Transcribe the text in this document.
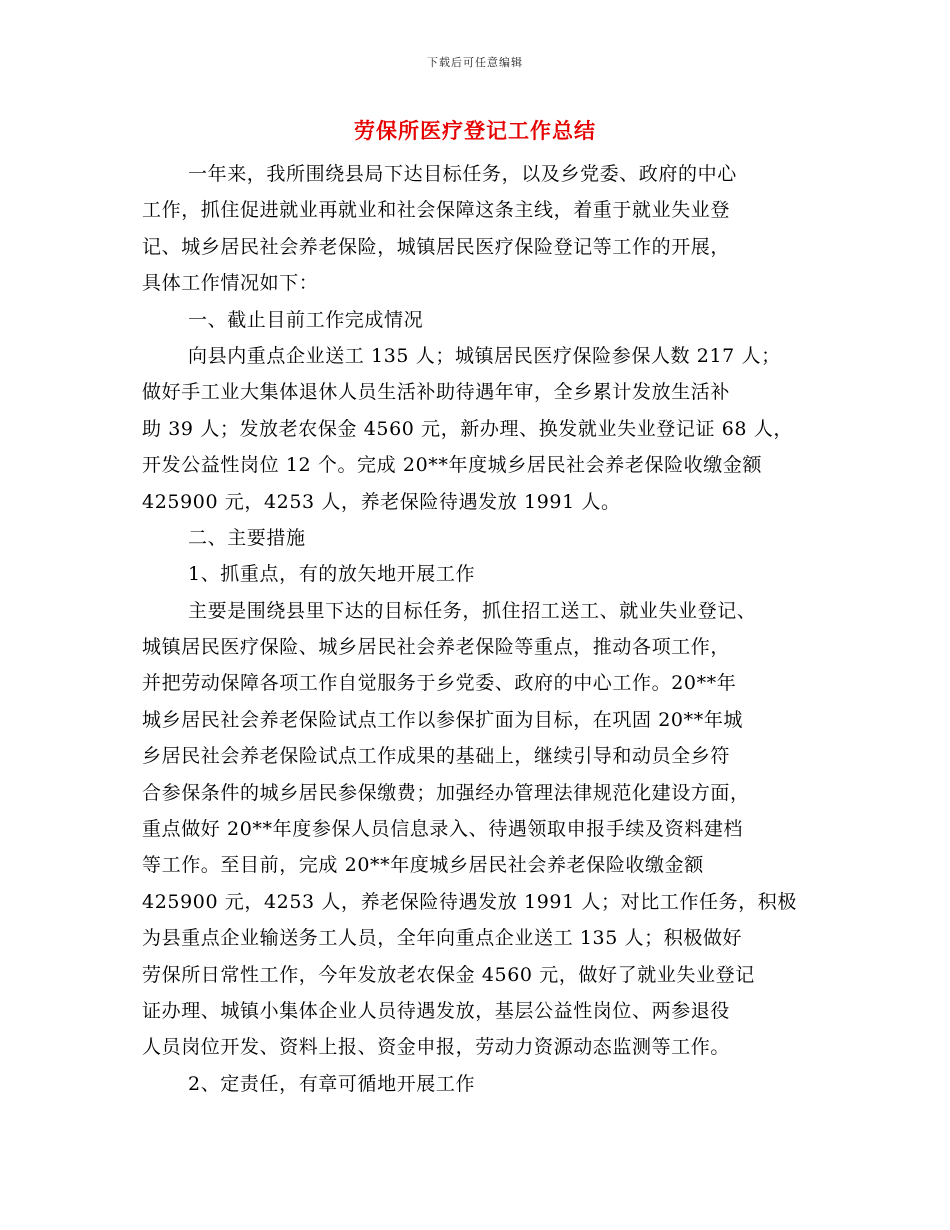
下载后可任意编辑
劳保所医疗登记工作总结
一年来，我所围绕县局下达目标任务，以及乡党委、政府的中心
工作，抓住促进就业再就业和社会保障这条主线，着重于就业失业登
记、城乡居民社会养老保险，城镇居民医疗保险登记等工作的开展，
具体工作情况如下：
一、截止目前工作完成情况
向县内重点企业送工 135 人；城镇居民医疗保险参保人数 217 人；
做好手工业大集体退休人员生活补助待遇年审，全乡累计发放生活补
助 39 人；发放老农保金 4560 元，新办理、换发就业失业登记证 68 人，
开发公益性岗位 12 个。完成 20**年度城乡居民社会养老保险收缴金额
425900 元，4253 人，养老保险待遇发放 1991 人。
二、主要措施
1、抓重点，有的放矢地开展工作
主要是围绕县里下达的目标任务，抓住招工送工、就业失业登记、
城镇居民医疗保险、城乡居民社会养老保险等重点，推动各项工作，
并把劳动保障各项工作自觉服务于乡党委、政府的中心工作。20**年
城乡居民社会养老保险试点工作以参保扩面为目标，在巩固 20**年城
乡居民社会养老保险试点工作成果的基础上，继续引导和动员全乡符
合参保条件的城乡居民参保缴费；加强经办管理法律规范化建设方面，
重点做好 20**年度参保人员信息录入、待遇领取申报手续及资料建档
等工作。至目前，完成 20**年度城乡居民社会养老保险收缴金额
425900 元，4253 人，养老保险待遇发放 1991 人；对比工作任务，积极
为县重点企业输送务工人员，全年向重点企业送工 135 人；积极做好
劳保所日常性工作，今年发放老农保金 4560 元，做好了就业失业登记
证办理、城镇小集体企业人员待遇发放，基层公益性岗位、两参退役
人员岗位开发、资料上报、资金申报，劳动力资源动态监测等工作。
2、定责任，有章可循地开展工作
